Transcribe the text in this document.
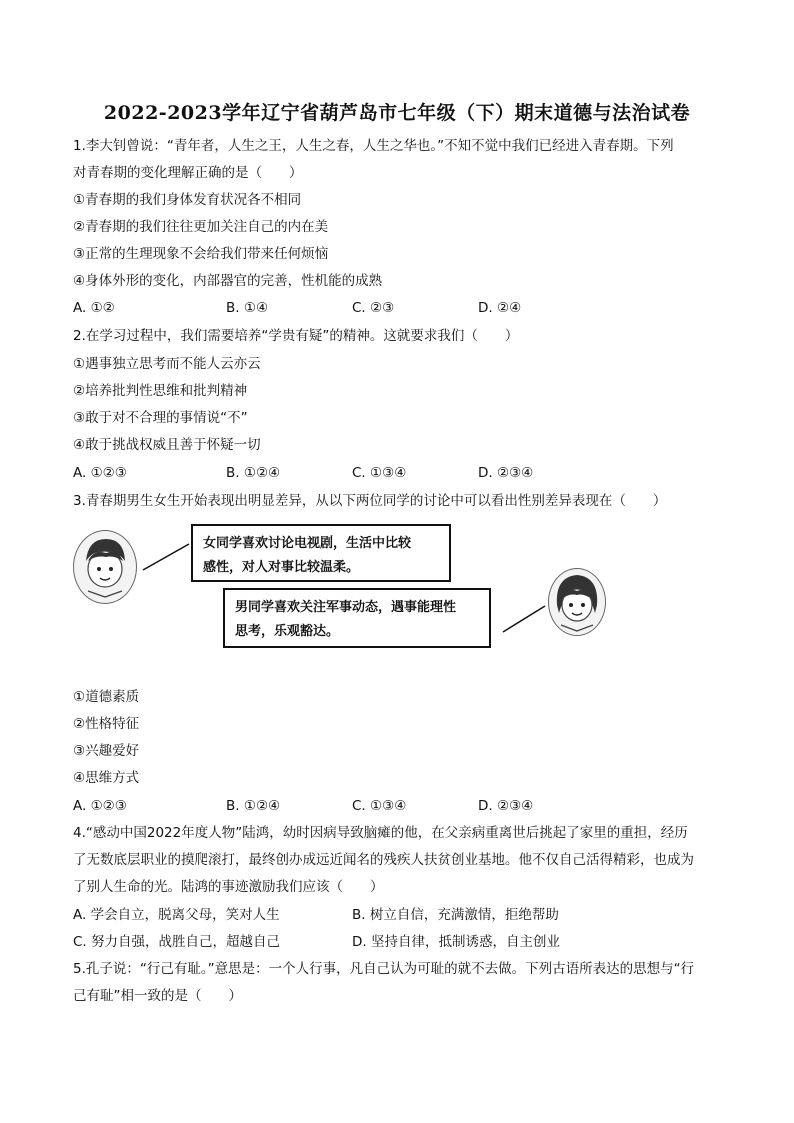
2022-2023学年辽宁省葫芦岛市七年级（下）期末道德与法治试卷
1.李大钊曾说：“青年者，人生之王，人生之春，人生之华也。”不知不觉中我们已经进入青春期。下列
对青春期的变化理解正确的是（　　）
①青春期的我们身体发育状况各不相同
②青春期的我们往往更加关注自己的内在美
③正常的生理现象不会给我们带来任何烦恼
④身体外形的变化，内部器官的完善，性机能的成熟
A. ①②	B. ①④	C. ②③	D. ②④
2.在学习过程中，我们需要培养“学贵有疑”的精神。这就要求我们（　　）
①遇事独立思考而不能人云亦云
②培养批判性思维和批判精神
③敢于对不合理的事情说“不”
④敢于挑战权威且善于怀疑一切
A. ①②③	B. ①②④	C. ①③④	D. ②③④
3.青春期男生女生开始表现出明显差异，从以下两位同学的讨论中可以看出性别差异表现在（　　）
女同学喜欢讨论电视剧，生活中比较
感性，对人对事比较温柔。
男同学喜欢关注军事动态，遇事能理性
思考，乐观豁达。
①道德素质
②性格特征
③兴趣爱好
④思维方式
A. ①②③	B. ①②④	C. ①③④	D. ②③④
4.“感动中国2022年度人物”陆鸿，幼时因病导致脑瘫的他，在父亲病重离世后挑起了家里的重担，经历
了无数底层职业的摸爬滚打，最终创办成远近闻名的残疾人扶贫创业基地。他不仅自己活得精彩，也成为
了别人生命的光。陆鸿的事迹激励我们应该（　　）
A. 学会自立，脱离父母，笑对人生	B. 树立自信，充满激情，拒绝帮助
C. 努力自强，战胜自己，超越自己	D. 坚持自律，抵制诱惑，自主创业
5.孔子说：“行己有耻。”意思是：一个人行事，凡自己认为可耻的就不去做。下列古语所表达的思想与“行
己有耻”相一致的是（　　）
